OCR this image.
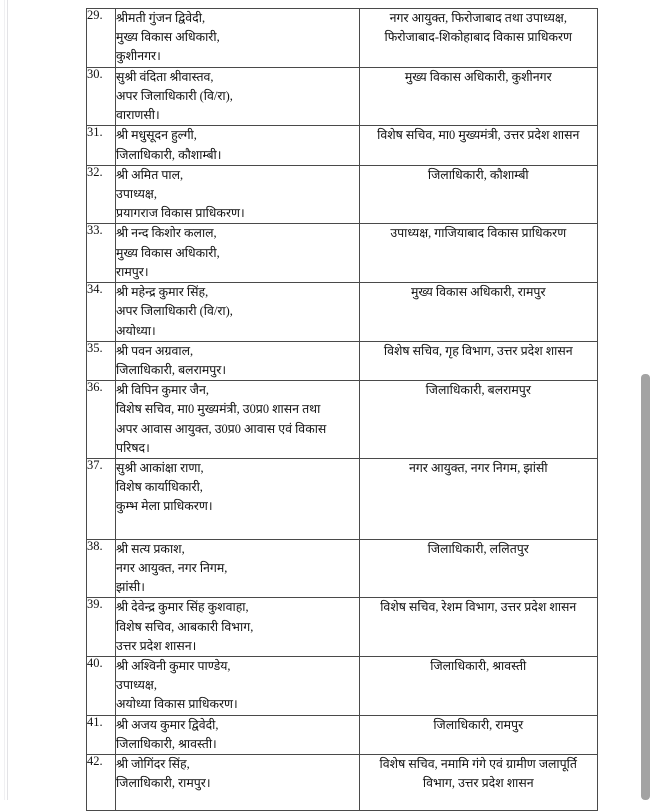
29.	श्रीमती गुंजन द्विवेदी,
मुख्य विकास अधिकारी,
कुशीनगर।	नगर आयुक्त, फिरोजाबाद तथा उपाध्यक्ष,
फिरोजाबाद-शिकोहाबाद विकास प्राधिकरण

30.	सुश्री वंदिता श्रीवास्तव,
अपर जिलाधिकारी (वि/रा),
वाराणसी।	मुख्य विकास अधिकारी, कुशीनगर

31.	श्री मधुसूदन हुल्गी,
जिलाधिकारी, कौशाम्बी।	विशेष सचिव, मा0 मुख्यमंत्री, उत्तर प्रदेश शासन

32.	श्री अमित पाल,
उपाध्यक्ष,
प्रयागराज विकास प्राधिकरण।	जिलाधिकारी, कौशाम्बी

33.	श्री नन्द किशोर कलाल,
मुख्य विकास अधिकारी,
रामपुर।	उपाध्यक्ष, गाजियाबाद विकास प्राधिकरण

34.	श्री महेन्द्र कुमार सिंह,
अपर जिलाधिकारी (वि/रा),
अयोध्या।	मुख्य विकास अधिकारी, रामपुर

35.	श्री पवन अग्रवाल,
जिलाधिकारी, बलरामपुर।	विशेष सचिव, गृह विभाग, उत्तर प्रदेश शासन

36.	श्री विपिन कुमार जैन,
विशेष सचिव, मा0 मुख्यमंत्री, उ0प्र0 शासन तथा
अपर आवास आयुक्त, उ0प्र0 आवास एवं विकास
परिषद।	जिलाधिकारी, बलरामपुर

37.	सुश्री आकांक्षा राणा,
विशेष कार्याधिकारी,
कुम्भ मेला प्राधिकरण।	नगर आयुक्त, नगर निगम, झांसी

38.	श्री सत्य प्रकाश,
नगर आयुक्त, नगर निगम,
झांसी।	जिलाधिकारी, ललितपुर

39.	श्री देवेन्द्र कुमार सिंह कुशवाहा,
विशेष सचिव, आबकारी विभाग,
उत्तर प्रदेश शासन।	विशेष सचिव, रेशम विभाग, उत्तर प्रदेश शासन

40.	श्री अश्विनी कुमार पाण्डेय,
उपाध्यक्ष,
अयोध्या विकास प्राधिकरण।	जिलाधिकारी, श्रावस्ती

41.	श्री अजय कुमार द्विवेदी,
जिलाधिकारी, श्रावस्ती।	जिलाधिकारी, रामपुर

42.	श्री जोगिंदर सिंह,
जिलाधिकारी, रामपुर।	विशेष सचिव, नमामि गंगे एवं ग्रामीण जलापूर्ति
विभाग, उत्तर प्रदेश शासन
